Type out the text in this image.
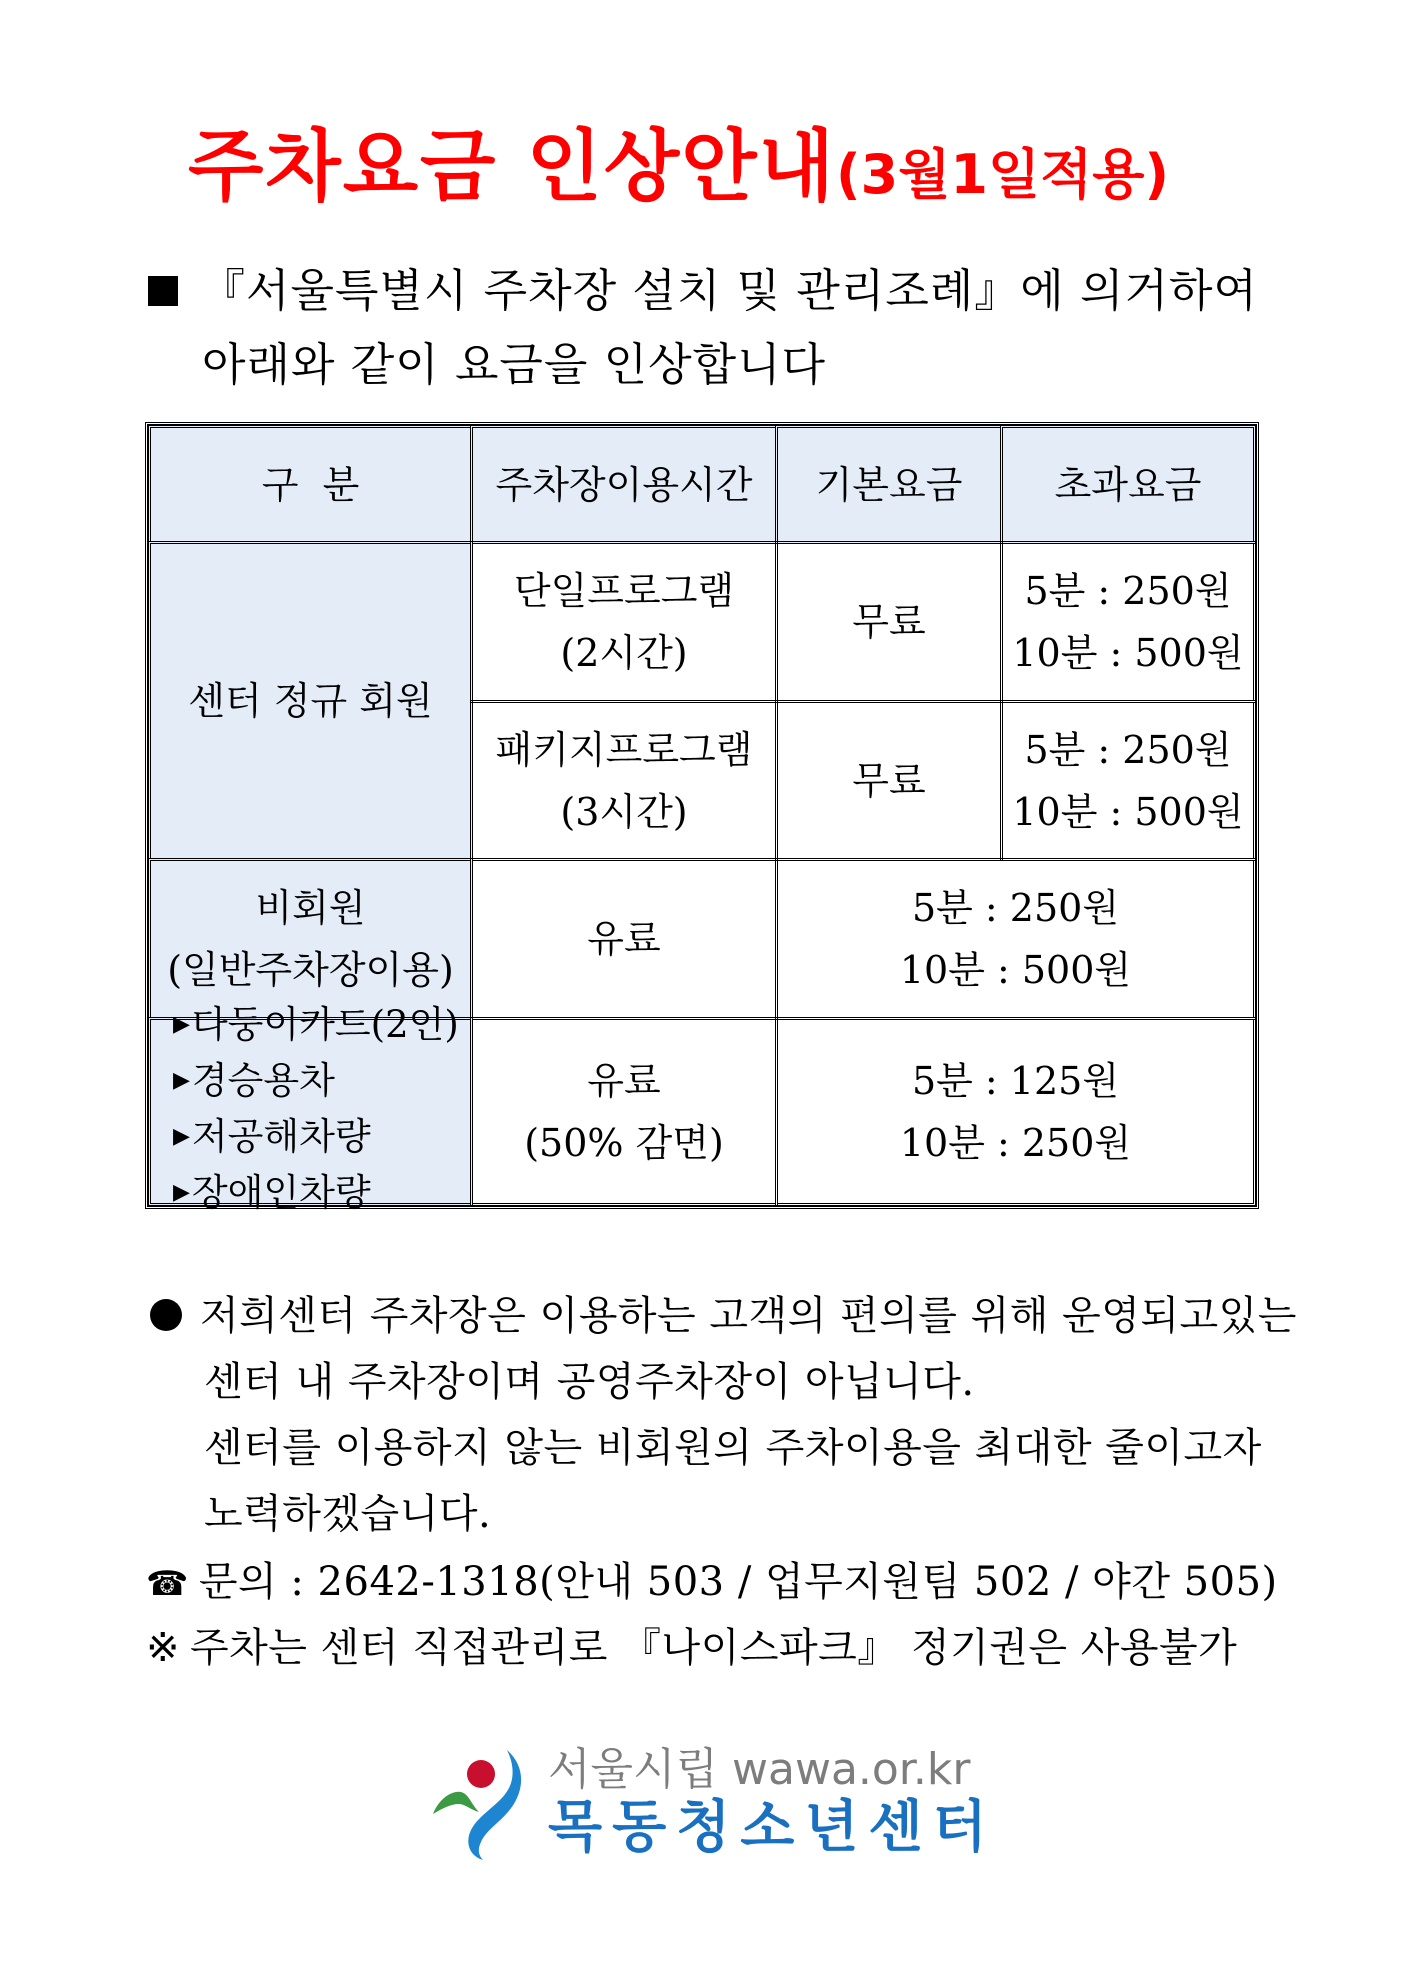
주차요금 인상안내(3월1일적용)
『서울특별시 주차장 설치 및 관리조례』에 의거하여
아래와 같이 요금을 인상합니다
구  분	주차장이용시간 기본요금 초과요금
센터 정규 회원
단일프로그램
(2시간)
무료
5분 : 250원
10분 : 500원
패키지프로그램
(3시간)
무료
5분 : 250원
10분 : 500원
비회원
(일반주차장이용)
유료
5분 : 250원
10분 : 500원
▶ 다둥이카드(2인)
▶ 경승용차
▶ 저공해차량
▶ 장애인차량
유료
(50% 감면)
5분 : 125원
10분 : 250원
저희센터 주차장은 이용하는 고객의 편의를 위해 운영되고있는
센터 내 주차장이며 공영주차장이 아닙니다.
센터를 이용하지 않는 비회원의 주차이용을 최대한 줄이고자
노력하겠습니다.
☎ 문의 : 2642-1318(안내 503 / 업무지원팀 502 / 야간 505)
※ 주차는 센터 직접관리로 『나이스파크』 정기권은 사용불가
서울시립 wawa.or.kr
목동청소년센터
